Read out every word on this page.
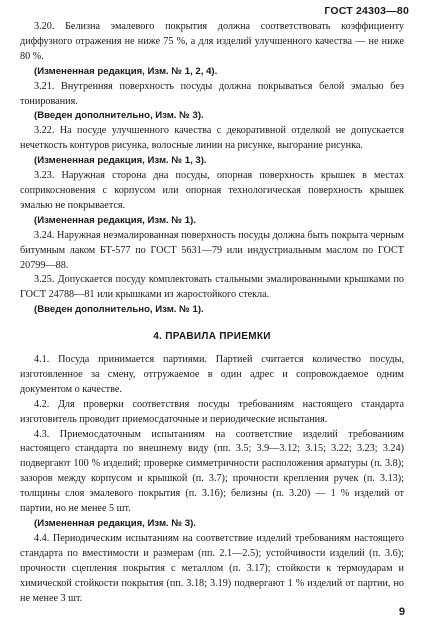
ГОСТ 24303—80

3.20. Белизна эмалевого покрытия должна соответствовать коэффициенту диффузного отражения не ниже 75 %, а для изделий улучшенного качества — не ниже 80 %.

(Измененная редакция, Изм. № 1, 2, 4).

3.21. Внутренняя поверхность посуды должна покрываться белой эмалью без тонирования.

(Введен дополнительно, Изм. № 3).

3.22. На посуде улучшенного качества с декоративной отделкой не допускается нечеткость контуров рисунка, волосные линии на рисунке, выгорание рисунка.

(Измененная редакция, Изм. № 1, 3).

3.23. Наружная сторона дна посуды, опорная поверхность крышек в местах соприкосновения с корпусом или опорная технологическая поверхность крышек эмалью не покрывается.

(Измененная редакция, Изм. № 1).

3.24. Наружная неэмалированная поверхность посуды должна быть покрыта черным битумным лаком БТ-577 по ГОСТ 5631—79 или индустриальным маслом по ГОСТ 20799—88.

3.25. Допускается посуду комплектовать стальными эмалированными крышками по ГОСТ 24788—81 или крышками из жаростойкого стекла.

(Введен дополнительно, Изм. № 1).

4. ПРАВИЛА ПРИЕМКИ

4.1. Посуда принимается партиями. Партией считается количество посуды, изготовленное за смену, отгружаемое в один адрес и сопровождаемое одним документом о качестве.

4.2. Для проверки соответствия посуды требованиям настоящего стандарта изготовитель проводит приемосдаточные и периодические испытания.

4.3. Приемосдаточным испытаниям на соответствие изделий требованиям настоящего стандарта по внешнему виду (пп. 3.5; 3.9—3.12; 3.15; 3.22; 3.23; 3.24) подвергают 100 % изделий; проверке симметричности расположения арматуры (п. 3.8); зазоров между корпусом и крышкой (п. 3.7); прочности крепления ручек (п. 3.13); толщины слоя эмалевого покрытия (п. 3.16); белизны (п. 3.20) — 1 % изделий от партии, но не менее 5 шт.

(Измененная редакция, Изм. № 3).

4.4. Периодическим испытаниям на соответствие изделий требованиям настоящего стандарта по вместимости и размерам (пп. 2.1—2.5); устойчивости изделий (п. 3.6); прочности сцепления покрытия с металлом (п. 3.17); стойкости к термоударам и химической стойкости покрытия (пп. 3.18; 3.19) подвергают 1 % изделий от партии, но не менее 3 шт.

9
